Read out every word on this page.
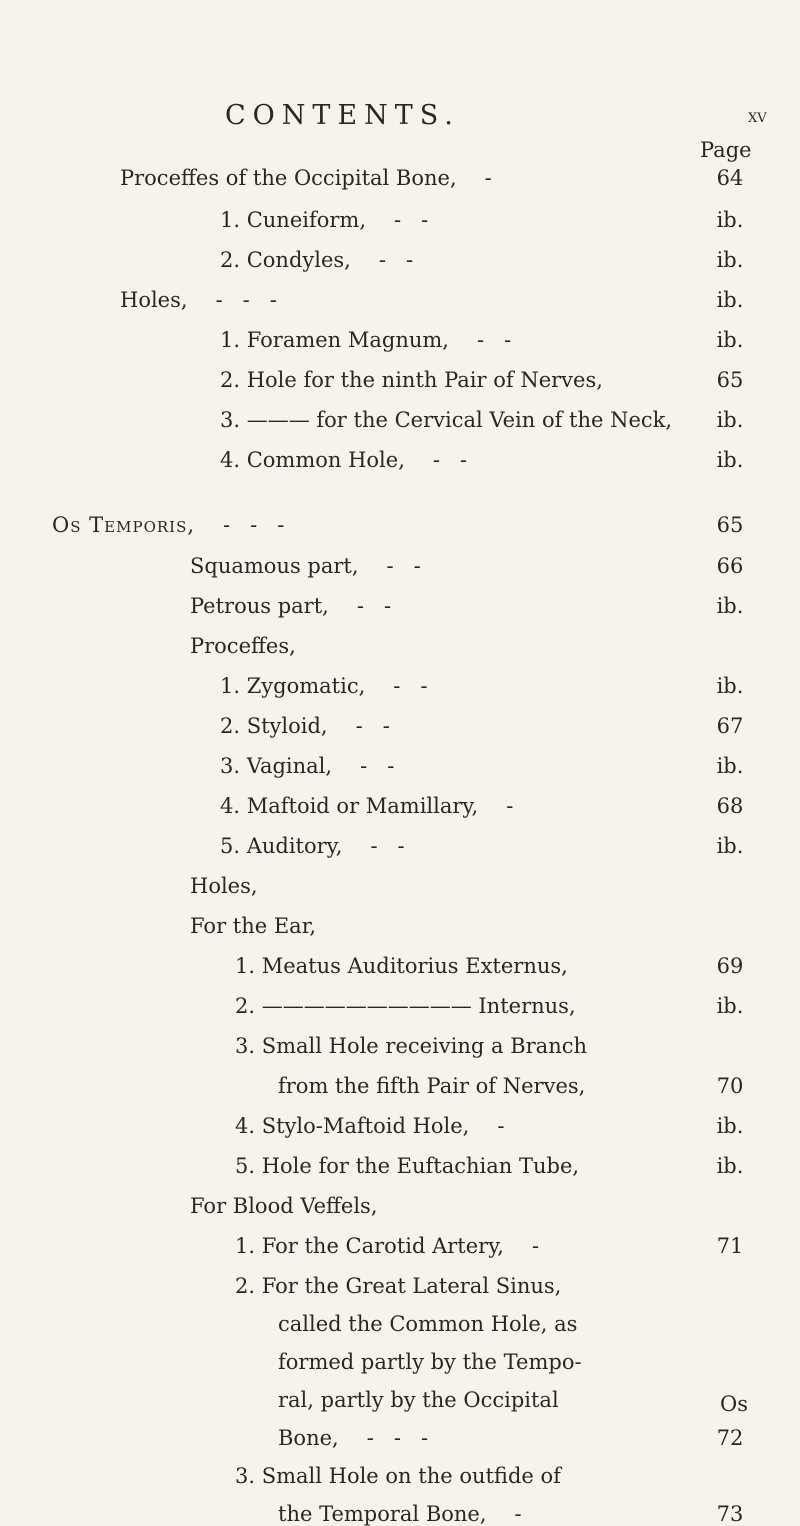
CONTENTS.	xv
Page
Proceffes of the Occipital Bone, -	64
1. Cuneiform, -   -	ib.
2. Condyles, -   -	ib.
Holes, -   -   -	ib.
1. Foramen Magnum, -   -	ib.
2. Hole for the ninth Pair of Nerves,	65
3. ——— for the Cervical Vein of the Neck,	ib.
4. Common Hole, -   -	ib.
Os Temporis, -   -   -	65
Squamous part, -   -	66
Petrous part, -   -	ib.
Proceffes,
1. Zygomatic, -   -	ib.
2. Styloid, -   -	67
3. Vaginal, -   -	ib.
4. Maftoid or Mamillary, -	68
5. Auditory, -   -	ib.
Holes,
For the Ear,
1. Meatus Auditorius Externus,	69
2. —————————— Internus,	ib.
3. Small Hole receiving a Branch
from the fifth Pair of Nerves,	70
4. Stylo-Maftoid Hole, -	ib.
5. Hole for the Euftachian Tube,	ib.
For Blood Veffels,
1. For the Carotid Artery, -	71
2. For the Great Lateral Sinus,
called the Common Hole, as
formed partly by the Tempo-
ral, partly by the Occipital
Bone, -   -   -	72
3. Small Hole on the outfide of
the Temporal Bone, -	73
Os
